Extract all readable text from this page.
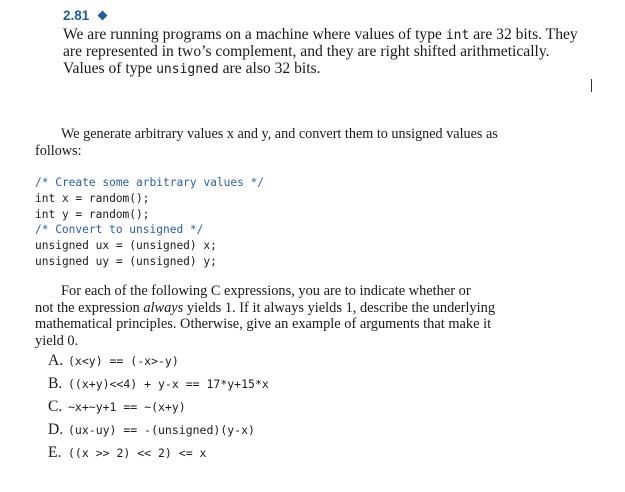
2.81
We are running programs on a machine where values of type int are 32 bits. They
are represented in two’s complement, and they are right shifted arithmetically.
Values of type unsigned are also 32 bits.
We generate arbitrary values x and y, and convert them to unsigned values as
follows:
/* Create some arbitrary values */
int x = random();
int y = random();
/* Convert to unsigned */
unsigned ux = (unsigned) x;
unsigned uy = (unsigned) y;
For each of the following C expressions, you are to indicate whether or
not the expression always yields 1. If it always yields 1, describe the underlying
mathematical principles. Otherwise, give an example of arguments that make it
yield 0.
A. (x<y) == (-x>-y)
B. ((x+y)<<4) + y-x == 17*y+15*x
C. ~x+~y+1 == ~(x+y)
D. (ux-uy) == -(unsigned)(y-x)
E. ((x >> 2) << 2) <= x
